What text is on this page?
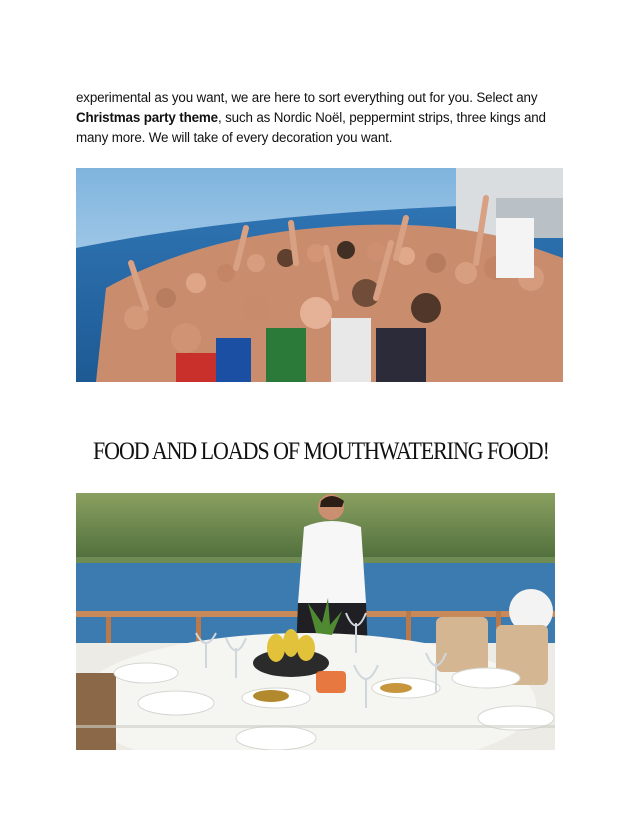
experimental as you want, we are here to sort everything out for you. Select any Christmas party theme, such as Nordic Noël, peppermint strips, three kings and many more. We will take of every decoration you want.

FOOD AND LOADS OF MOUTHWATERING FOOD!
